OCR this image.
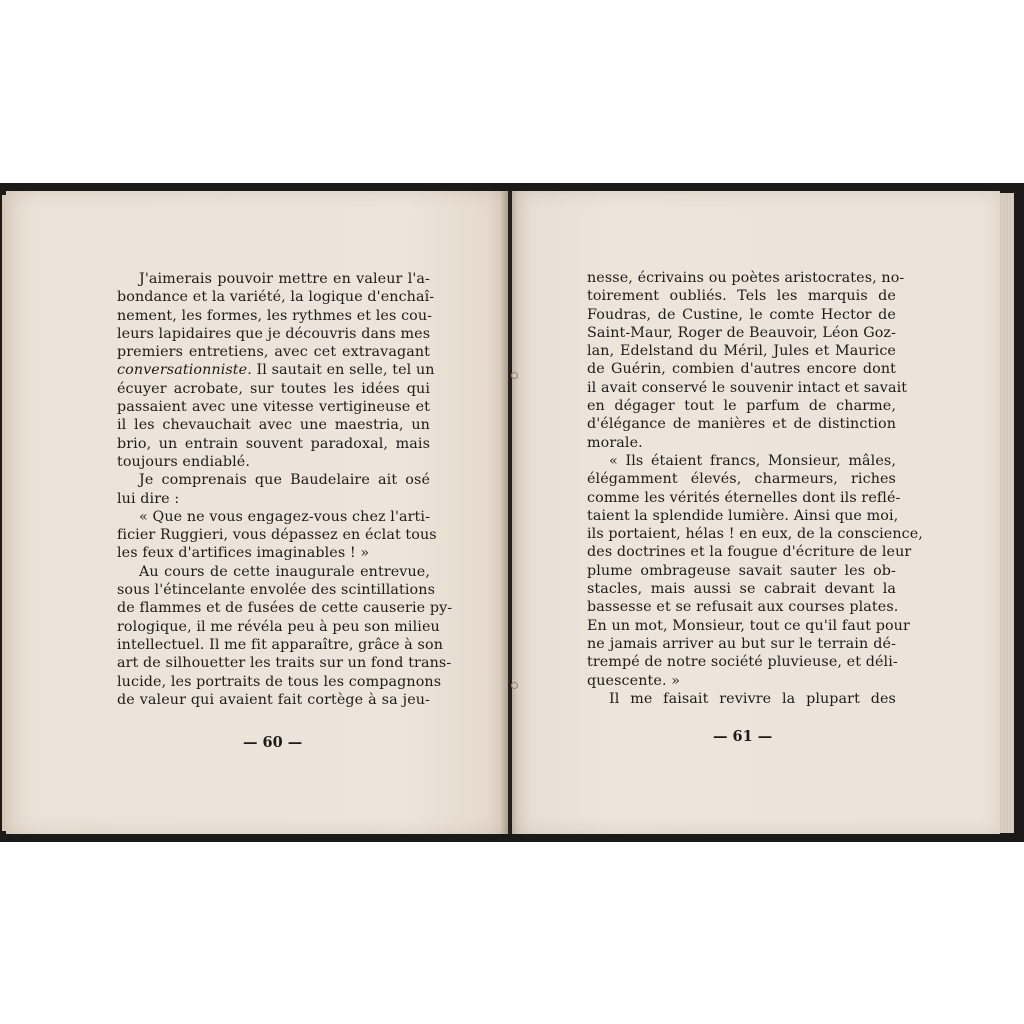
J'aimerais pouvoir mettre en valeur l'a-
bondance et la variété, la logique d'enchaî-
nement, les formes, les rythmes et les cou-
leurs lapidaires que je découvris dans mes
premiers entretiens, avec cet extravagant
conversationniste. Il sautait en selle, tel un
écuyer acrobate, sur toutes les idées qui
passaient avec une vitesse vertigineuse et
il les chevauchait avec une maestria, un
brio, un entrain souvent paradoxal, mais
toujours endiablé.
Je comprenais que Baudelaire ait osé
lui dire :
« Que ne vous engagez-vous chez l'arti-
ficier Ruggieri, vous dépassez en éclat tous
les feux d'artifices imaginables ! »
Au cours de cette inaugurale entrevue,
sous l'étincelante envolée des scintillations
de flammes et de fusées de cette causerie py-
rologique, il me révéla peu à peu son milieu
intellectuel. Il me fit apparaître, grâce à son
art de silhouetter les traits sur un fond trans-
lucide, les portraits de tous les compagnons
de valeur qui avaient fait cortège à sa jeu-
— 60 —
nesse, écrivains ou poètes aristocrates, no-
toirement oubliés. Tels les marquis de
Foudras, de Custine, le comte Hector de
Saint-Maur, Roger de Beauvoir, Léon Goz-
lan, Edelstand du Méril, Jules et Maurice
de Guérin, combien d'autres encore dont
il avait conservé le souvenir intact et savait
en dégager tout le parfum de charme,
d'élégance de manières et de distinction
morale.
« Ils étaient francs, Monsieur, mâles,
élégamment élevés, charmeurs, riches
comme les vérités éternelles dont ils reflé-
taient la splendide lumière. Ainsi que moi,
ils portaient, hélas ! en eux, de la conscience,
des doctrines et la fougue d'écriture de leur
plume ombrageuse savait sauter les ob-
stacles, mais aussi se cabrait devant la
bassesse et se refusait aux courses plates.
En un mot, Monsieur, tout ce qu'il faut pour
ne jamais arriver au but sur le terrain dé-
trempé de notre société pluvieuse, et déli-
quescente. »
Il me faisait revivre la plupart des
— 61 —
